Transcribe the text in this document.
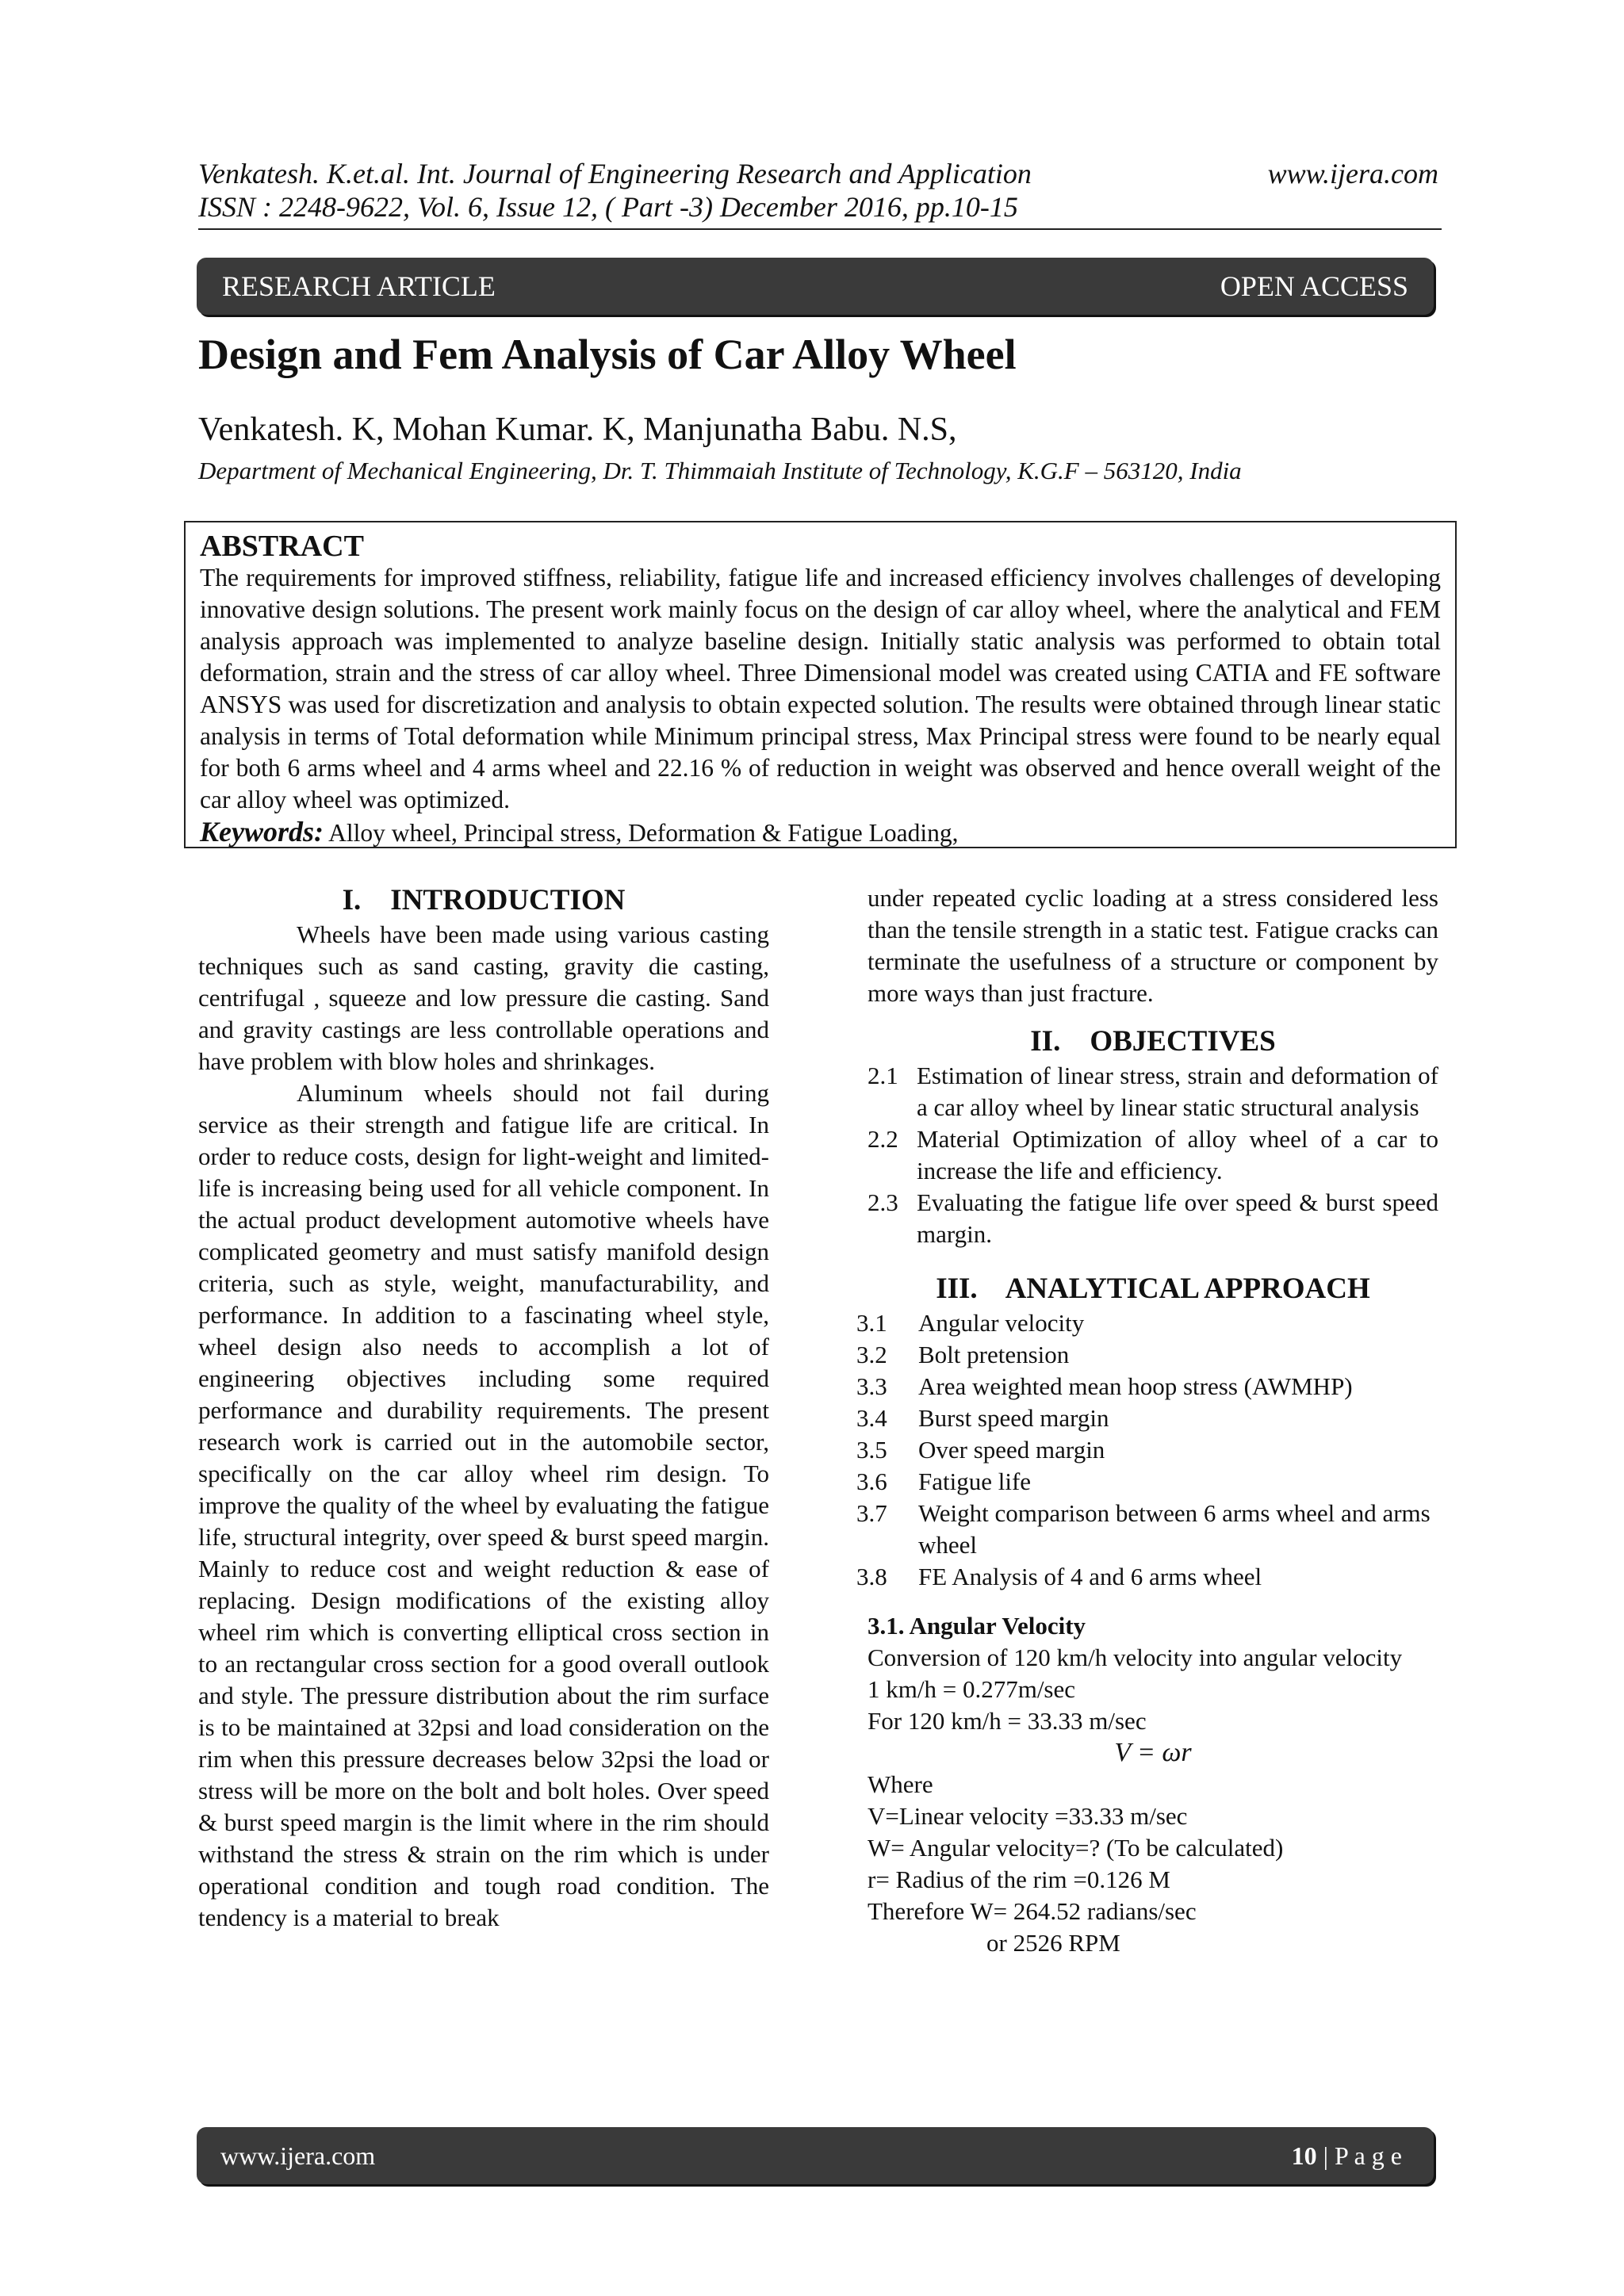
Venkatesh. K.et.al. Int. Journal of Engineering Research and Application	www.ijera.com
ISSN : 2248-9622, Vol. 6, Issue 12, ( Part -3) December 2016, pp.10-15
RESEARCH ARTICLE	OPEN ACCESS
Design and Fem Analysis of Car Alloy Wheel
Venkatesh. K, Mohan Kumar. K, Manjunatha Babu. N.S,
Department of Mechanical Engineering, Dr. T. Thimmaiah Institute of Technology, K.G.F – 563120, India
ABSTRACT
The requirements for improved stiffness, reliability, fatigue life and increased efficiency involves challenges of developing innovative design solutions. The present work mainly focus on the design of car alloy wheel, where the analytical and FEM analysis approach was implemented to analyze baseline design. Initially static analysis was performed to obtain total deformation, strain and the stress of car alloy wheel. Three Dimensional model was created using CATIA and FE software ANSYS was used for discretization and analysis to obtain expected solution. The results were obtained through linear static analysis in terms of Total deformation while Minimum principal stress, Max Principal stress were found to be nearly equal for both 6 arms wheel and 4 arms wheel and 22.16 % of reduction in weight was observed and hence overall weight of the car alloy wheel was optimized.
Keywords: Alloy wheel, Principal stress, Deformation & Fatigue Loading,
I.    INTRODUCTION

Wheels have been made using various casting techniques such as sand casting, gravity die casting, centrifugal , squeeze and low pressure die casting. Sand and gravity castings are less controllable operations and have problem with blow holes and shrinkages.

Aluminum wheels should not fail during service as their strength and fatigue life are critical. In order to reduce costs, design for light-weight and limited-life is increasing being used for all vehicle component. In the actual product development automotive wheels have complicated geometry and must satisfy manifold design criteria, such as style, weight, manufacturability, and performance. In addition to a fascinating wheel style, wheel design also needs to accomplish a lot of engineering objectives including some required performance and durability requirements. The present research work is carried out in the automobile sector, specifically on the car alloy wheel rim design. To improve the quality of the wheel by evaluating the fatigue life, structural integrity, over speed & burst speed margin. Mainly to reduce cost and weight reduction & ease of replacing. Design modifications of the existing alloy wheel rim which is converting elliptical cross section in to an rectangular cross section for a good overall outlook and style. The pressure distribution about the rim surface is to be maintained at 32psi and load consideration on the rim when this pressure decreases below 32psi the load or stress will be more on the bolt and bolt holes. Over speed & burst speed margin is the limit where in the rim should withstand the stress & strain on the rim which is under operational condition and tough road condition. The tendency is a material to break

under repeated cyclic loading at a stress considered less than the tensile strength in a static test. Fatigue cracks can terminate the usefulness of a structure or component by more ways than just fracture.

II.    OBJECTIVES
2.1 Estimation of linear stress, strain and deformation of a car alloy wheel by linear static structural analysis
2.2 Material Optimization of alloy wheel of a car to increase the life and efficiency.
2.3 Evaluating the fatigue life over speed & burst speed margin.
III.    ANALYTICAL APPROACH
3.1 Angular velocity
3.2 Bolt pretension
3.3 Area weighted mean hoop stress (AWMHP)
3.4 Burst speed margin
3.5 Over speed margin
3.6 Fatigue life
3.7 Weight comparison between 6 arms wheel and arms wheel
3.8 FE Analysis of 4 and 6 arms wheel
3.1. Angular Velocity
Conversion of 120 km/h velocity into angular velocity
1 km/h = 0.277m/sec
For 120 km/h = 33.33 m/sec
V = ωr
Where
V=Linear velocity =33.33 m/sec
W= Angular velocity=? (To be calculated)
r= Radius of the rim =0.126 M
Therefore W= 264.52 radians/sec
or 2526 RPM
www.ijera.com	10 | P a g e
